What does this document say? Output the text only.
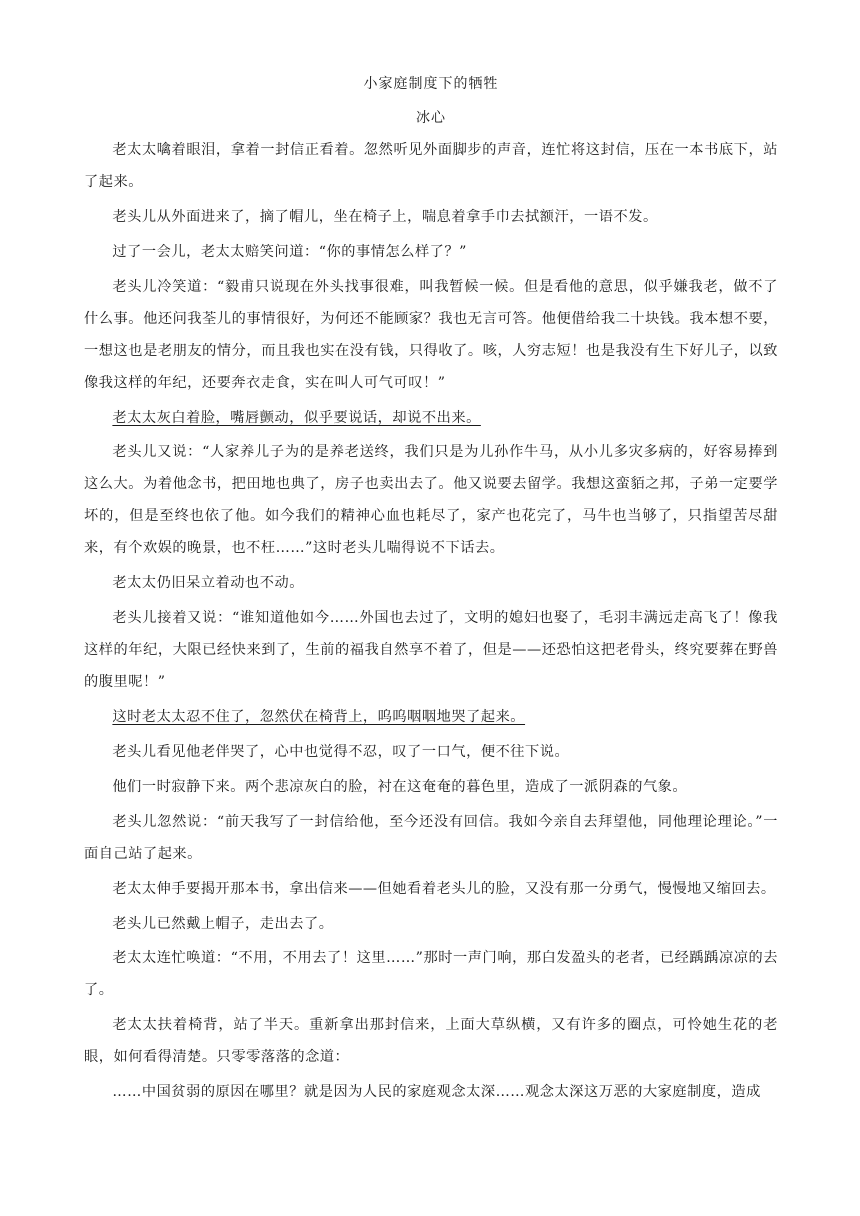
小家庭制度下的牺牲
冰心

老太太噙着眼泪，拿着一封信正看着。忽然听见外面脚步的声音，连忙将这封信，压在一本书底下，站了起来。

老头儿从外面进来了，摘了帽儿，坐在椅子上，喘息着拿手巾去拭额汗，一语不发。

过了一会儿，老太太赔笑问道：“你的事情怎么样了？”

老头儿冷笑道：“毅甫只说现在外头找事很难，叫我暂候一候。但是看他的意思，似乎嫌我老，做不了什么事。他还问我荃儿的事情很好，为何还不能顾家？我也无言可答。他便借给我二十块钱。我本想不要，一想这也是老朋友的情分，而且我也实在没有钱，只得收了。咳，人穷志短！也是我没有生下好儿子，以致像我这样的年纪，还要奔衣走食，实在叫人可气可叹！”

老太太灰白着脸，嘴唇颤动，似乎要说话，却说不出来。

老头儿又说：“人家养儿子为的是养老送终，我们只是为儿孙作牛马，从小儿多灾多病的，好容易捧到这么大。为着他念书，把田地也典了，房子也卖出去了。他又说要去留学。我想这蛮貊之邦，子弟一定要学坏的，但是至终也依了他。如今我们的精神心血也耗尽了，家产也花完了，马牛也当够了，只指望苦尽甜来，有个欢娱的晚景，也不枉……”这时老头儿喘得说不下话去。

老太太仍旧呆立着动也不动。

老头儿接着又说：“谁知道他如今……外国也去过了，文明的媳妇也娶了，毛羽丰满远走高飞了！像我这样的年纪，大限已经快来到了，生前的福我自然享不着了，但是——还恐怕这把老骨头，终究要葬在野兽的腹里呢！”

这时老太太忍不住了，忽然伏在椅背上，呜呜咽咽地哭了起来。

老头儿看见他老伴哭了，心中也觉得不忍，叹了一口气，便不往下说。

他们一时寂静下来。两个悲凉灰白的脸，衬在这奄奄的暮色里，造成了一派阴森的气象。

老头儿忽然说：“前天我写了一封信给他，至今还没有回信。我如今亲自去拜望他，同他理论理论。”一面自己站了起来。

老太太伸手要揭开那本书，拿出信来——但她看着老头儿的脸，又没有那一分勇气，慢慢地又缩回去。

老头儿已然戴上帽子，走出去了。

老太太连忙唤道：“不用，不用去了！这里……”那时一声门响，那白发盈头的老者，已经踽踽凉凉的去了。

老太太扶着椅背，站了半天。重新拿出那封信来，上面大草纵横，又有许多的圈点，可怜她生花的老眼，如何看得清楚。只零零落落的念道：

……中国贫弱的原因在哪里？就是因为人民的家庭观念太深……观念太深这万恶的大家庭制度，造成
